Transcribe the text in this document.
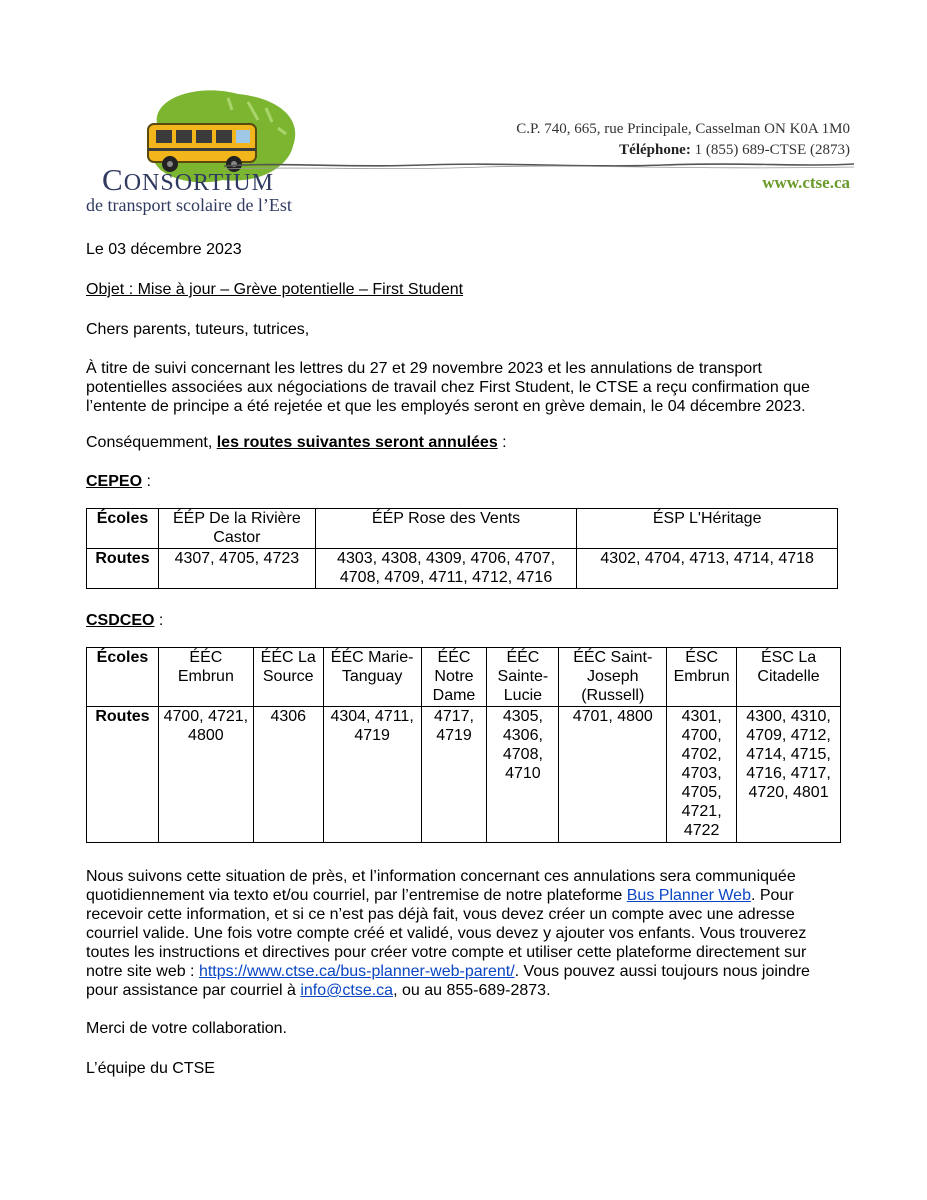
CONSORTIUM
de transport scolaire de l’Est
C.P. 740, 665, rue Principale, Casselman ON K0A 1M0
Téléphone: 1 (855) 689-CTSE (2873)
www.ctse.ca

Le 03 décembre 2023

Objet : Mise à jour – Grève potentielle – First Student

Chers parents, tuteurs, tutrices,

À titre de suivi concernant les lettres du 27 et 29 novembre 2023 et les annulations de transport potentielles associées aux négociations de travail chez First Student, le CTSE a reçu confirmation que l’entente de principe a été rejetée et que les employés seront en grève demain, le 04 décembre 2023.

Conséquemment, les routes suivantes seront annulées :

CEPEO :

Écoles	ÉÉP De la Rivière Castor	ÉÉP Rose des Vents	ÉSP L'Héritage
Routes	4307, 4705, 4723	4303, 4308, 4309, 4706, 4707, 4708, 4709, 4711, 4712, 4716	4302, 4704, 4713, 4714, 4718

CSDCEO :

Écoles	ÉÉC Embrun	ÉÉC La Source	ÉÉC Marie-Tanguay	ÉÉC Notre Dame	ÉÉC Sainte-Lucie	ÉÉC Saint-Joseph (Russell)	ÉSC Embrun	ÉSC La Citadelle
Routes	4700, 4721, 4800	4306	4304, 4711, 4719	4717, 4719	4305, 4306, 4708, 4710	4701, 4800	4301, 4700, 4702, 4703, 4705, 4721, 4722	4300, 4310, 4709, 4712, 4714, 4715, 4716, 4717, 4720, 4801

Nous suivons cette situation de près, et l’information concernant ces annulations sera communiquée quotidiennement via texto et/ou courriel, par l’entremise de notre plateforme Bus Planner Web. Pour recevoir cette information, et si ce n’est pas déjà fait, vous devez créer un compte avec une adresse courriel valide. Une fois votre compte créé et validé, vous devez y ajouter vos enfants. Vous trouverez toutes les instructions et directives pour créer votre compte et utiliser cette plateforme directement sur notre site web : https://www.ctse.ca/bus-planner-web-parent/. Vous pouvez aussi toujours nous joindre pour assistance par courriel à info@ctse.ca, ou au 855-689-2873.

Merci de votre collaboration.

L’équipe du CTSE
